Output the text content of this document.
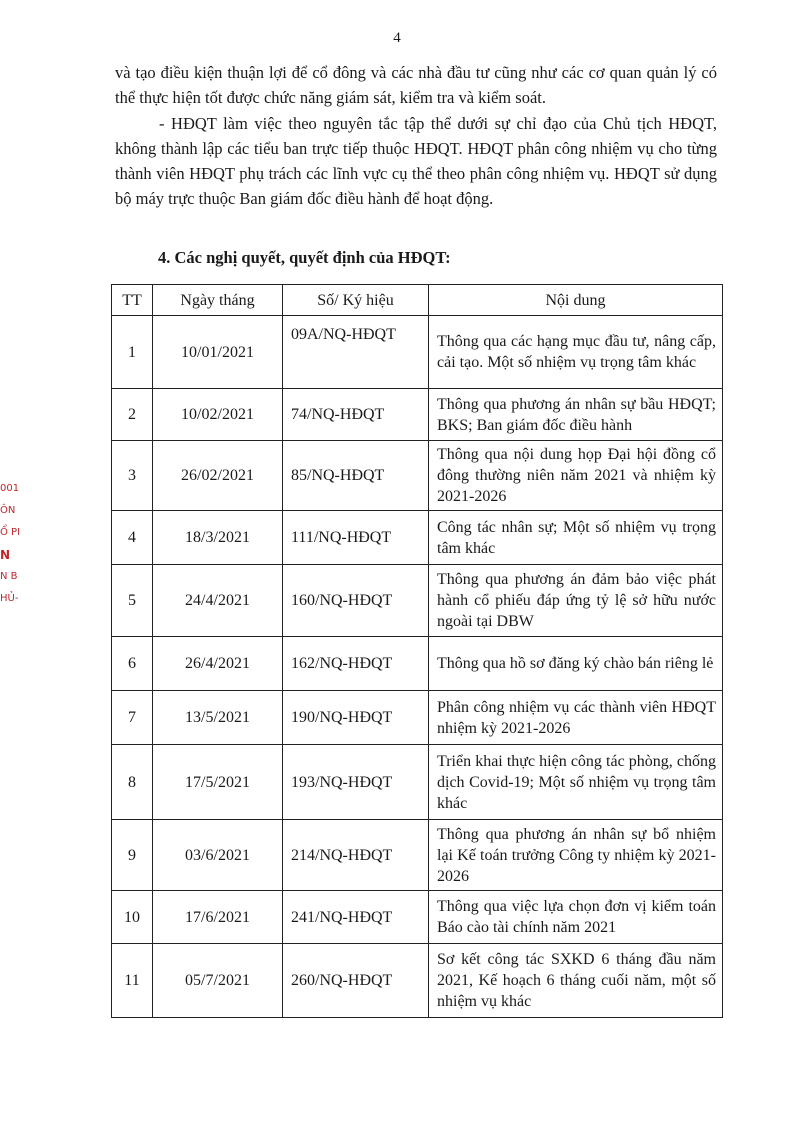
4

và tạo điều kiện thuận lợi để cổ đông và các nhà đầu tư cũng như các cơ quan quản lý có thể thực hiện tốt được chức năng giám sát, kiểm tra và kiểm soát.

- HĐQT làm việc theo nguyên tắc tập thể dưới sự chỉ đạo của Chủ tịch HĐQT, không thành lập các tiểu ban trực tiếp thuộc HĐQT. HĐQT phân công nhiệm vụ cho từng thành viên HĐQT phụ trách các lĩnh vực cụ thể theo phân công nhiệm vụ. HĐQT sử dụng bộ máy trực thuộc Ban giám đốc điều hành để hoạt động.

4. Các nghị quyết, quyết định của HĐQT:
TT	Ngày tháng	Số/ Ký hiệu	Nội dung
1	10/01/2021	09A/NQ-HĐQT	Thông qua các hạng mục đầu tư, nâng cấp, cải tạo. Một số nhiệm vụ trọng tâm khác
2	10/02/2021	74/NQ-HĐQT	Thông qua phương án nhân sự bầu HĐQT; BKS; Ban giám đốc điều hành
3	26/02/2021	85/NQ-HĐQT	Thông qua nội dung họp Đại hội đồng cổ đông thường niên năm 2021 và nhiệm kỳ 2021-2026
4	18/3/2021	111/NQ-HĐQT	Công tác nhân sự; Một số nhiệm vụ trọng tâm khác
5	24/4/2021	160/NQ-HĐQT	Thông qua phương án đảm bảo việc phát hành cổ phiếu đáp ứng tỷ lệ sở hữu nước ngoài tại DBW
6	26/4/2021	162/NQ-HĐQT	Thông qua hồ sơ đăng ký chào bán riêng lẻ
7	13/5/2021	190/NQ-HĐQT	Phân công nhiệm vụ các thành viên HĐQT nhiệm kỳ 2021-2026
8	17/5/2021	193/NQ-HĐQT	Triển khai thực hiện công tác phòng, chống dịch Covid-19; Một số nhiệm vụ trọng tâm khác
9	03/6/2021	214/NQ-HĐQT	Thông qua phương án nhân sự bổ nhiệm lại Kế toán trưởng Công ty nhiệm kỳ 2021-2026
10	17/6/2021	241/NQ-HĐQT	Thông qua việc lựa chọn đơn vị kiểm toán Báo cào tài chính năm 2021
11	05/7/2021	260/NQ-HĐQT	Sơ kết công tác SXKD 6 tháng đầu năm 2021, Kế hoạch 6 tháng cuối năm, một số nhiệm vụ khác
001
ÔN
Ổ PI
N
N B
HỦ-
